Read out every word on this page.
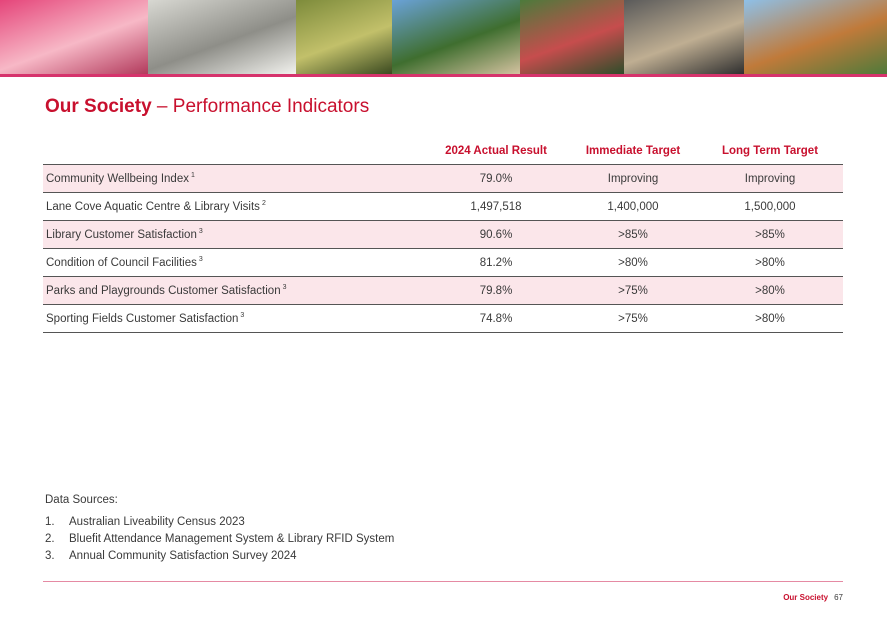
Our Society – Performance Indicators
	2024 Actual Result	Immediate Target	Long Term Target
Community Wellbeing Index $^1$	79.0%	Improving	Improving
Lane Cove Aquatic Centre & Library Visits $^2$	1,497,518	1,400,000	1,500,000
Library Customer Satisfaction $^3$	90.6%	>85%	>85%
Condition of Council Facilities $^3$	81.2%	>80%	>80%
Parks and Playgrounds Customer Satisfaction $^3$	79.8%	>75%	>80%
Sporting Fields Customer Satisfaction $^3$	74.8%	>75%	>80%
Data Sources:
1.	Australian Liveability Census 2023
2.	Bluefit Attendance Management System & Library RFID System
3.	Annual Community Satisfaction Survey 2024
Our Society 67
